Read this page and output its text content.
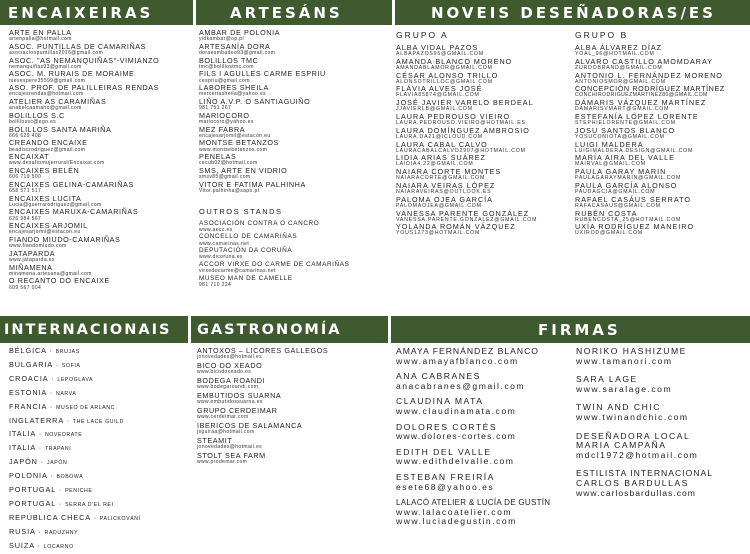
ENCAIXEIRAS	ARTESÁNS	NOVEIS DESEÑADORAS/ES
INTERNACIONAIS GASTRONOMÍA	FIRMAS
ARTE EN PALLA
artenpalla@hotmail.com
ASOC. PUNTILLAS DE CAMARIÑAS
asociacionpuntillas2016@gmail.com
ASOC. "AS NEMANQUIÑAS"-VIMIANZO
nemanquiñas93@gmail.com
ASOC. M. RURAIS DE MORAIME
nievespere35599@gmail.com
ASO. PROF. DE PALILLEIRAS RENDAS
encajesrendas@hotmail.com
ATELIER AS CARAMIÑAS
anabelcaamano@gmail.com
BOLILLOS S.C
bolillossc@ego.es
BOLILLOS SANTA MARIÑA
666 629 408
CREANDO ENCAIXE
beadiscrodriguez@gmail.com
ENCAIXAT
www.desafiomujerrural/Encaixat.com
ENCAIXES BELÉN
606 719 500
ENCAIXES GELINA-CAMARIÑAS
658 571 517
ENCAIXES LUCITA
Lucia@guerrarodriguez@gmail.com
ENCAIXES MARUXA-CAMARIÑAS
626 984 567
ENCAIXES ARJOMIL
encajesarjomil@estacon.eu
FIANDO MIUDO-CAMARIÑAS
www.fiandomiudo.com
JATAPARDA
www.jataparda.es
MIÑAMENA
minamena.artesana@gmail.com
O RECANTO DO ENCAIXE
609 567 004
AMBAR DE POLONIA
yidkambar@op.pl
ARTESANÍA DORA
doraesmbadeo93@gmail.com
BOLILLOS TMC
tmc@bolillostmc.com
FILS I AGULLES CARME ESPRIU
cespriu@gmail.com
LABORES SHEILA
merceriasheila@yahoo.es
LIÑO A.V.P. O SANTIAGUIÑO
981 751 267
MARIOCORO
mariocoro@yahoo.es
MEZ FABRA
encajesarjomil@estacon.eu
MONTSE BETANZOS
www.montsebetanzos.com
PENELAS
cecub02@hotmail.com
SMS, ARTE EN VIDRIO
smsv85@gmail.com
VITOR E FATIMA PALHINHA
Vitor.palhinha@sapo.pt
OUTROS STANDS
ASOCIACIÓN CONTRA O CANCRO
www.aecc.es
CONCELLO DE CAMARIÑAS
www.camarinas.net
DEPUTACIÓN DA CORUÑA
www.dicoruna.es
ACCOR VIRXE DO CARME DE CAMARIÑAS
virxedocarme@camarinas.net
MUSEO MAN DE CAMELLE
981 710 224
GRUPO A
ALBA VIDAL PAZOS
ALBAPAZOS95@GMAIL.COM
AMANDA BLANCO MORENO
AMANDABLAMOR@GMAIL.COM
CÉSAR ALONSO TRILLO
ALONSOTRILLOC@GMAIL.COM
FLÁVIA ALVES JOSÉ
FLAVIA85874@GMAIL.COM
JOSÉ JAVIER VARELO BERDEAL
JJAVIERLB@GMAIL.COM
LAURA PEDROUSO VIEIRO
LAURA.PEDROUSO.VIEIRO@HOTMAIL.ES
LAURA DOMÍNGUEZ AMBROSIO
LAURA.DA21@ICLOUD.COM
LAURA CABAL CALVO
LAURACABALCALVO2907@HOTMAIL.COM
LIDIA ARIAS SUÁREZ
LAIDIA4.22@GMAIL.COM
NAIARA CORTE MONTES
NAIARACORTE@GMAIL.COM
NAIARA VEIRAS LÓPEZ
NAIARAVEIRAS@OUTLOOK.ES
PALOMA OJEA GARCÍA
PALOMAOJEA@GMAIL.COM
VANESSA PARENTE GONZÁLEZ
VANESSA.PARENTE.GONZALEZ@GMAIL.COM
YOLANDA ROMÁN VÁZQUEZ
YOUS1273@HOTMAIL.COM
GRUPO B
ALBA ÁLVAREZ DÍAZ
YOAL_96@HOTMAIL.COM
ALVARO CASTILLO AMOMDARAY
ZURDOBRAND@GMAIL.COM
ANTONIO L. FERNÁNDEZ MORENO
ANTONIOSMOR@GMAIL.COM
CONCEPCIÓN RODRÍGUEZ MARTÍNEZ
CONCHIRODRIGUEZMARTINEZ80@GMAIL.COM
DÁMARIS VÁZQUEZ MARTÍNEZ
DAMARISVMART@GMAIL.COM
ESTEFANÍA LÓPEZ LORENTE
STEPHIELORENTE@GMAIL.COM
JOSU SANTOS BLANCO
YOSUCONIOTA@GMAIL.COM
LUIGI MALDERA
LUIGIMALDERA.DESIGN@GMAIL.COM
MARÍA AIRA DEL VALLE
MAIRVAL@GMAIL.COM
PAULA GARAY MARIN
PAULAGARAYMARIN@GMAIL.COM
PAULA GARCÍA ALONSO
PAUDAGCIA@GMAIL.COM
RAFAEL CASÁUS SERRATO
RAFACASAUS@GMAIL.COM
RUBÉN COSTA
RUBENCOSTA_25@HOTMAIL.COM
UXÍA RODRÍGUEZ MANEIRO
UXIROD@GMAIL.COM
BÉLGICA · BRUJAS
BULGARIA · SOFIA
CROACIA · LEPOGLAVA
ESTONIA · NARVA
FRANCIA · MUSEO DE ARLANC
INGLATERRA · THE LACE GUILD
ITALIA · NOVEDRATE
ITALIA · TRAPANI
JAPÓN · JAPÓN
POLONIA · BOBOWA
PORTUGAL · PENICHE
PORTUGAL · SERRA D'EL REI
REPÚBLICA CHECA · PALICKOVÁNÍ
RUSIA · RADUZHNY
SUIZA · LOCARNO
ANTOXOS – LICORES GALLEGOS
jonovedades@hotmail.es
BICO DO XEADO
www.bicodoxeado.es
BODEGA ROANDI
www.bodegaroandi.com
EMBUTIDOS SUARNA
www.embutidossuarna.es
GRUPO CERDEIMAR
www.cerdeimar.com
IBERICOS DE SALAMANCA
jsguiraa@hotmail.com
STEAMIT
jonovedades@hotmail.es
STOLT SEA FARM
www.prodemar.com
AMAYA FERNÁNDEZ BLANCO
www.amayafblanco.com
ANA CABRANES
anacabranes@gmail.com
CLAUDINA MATA
www.claudinamata.com
DOLORES CORTÉS
www.dolores-cortes.com
EDITH DEL VALLE
www.edithdelvalle.com
ESTEBAN FREIRÍA
esete68@yahoo.es
LALACÓ ATELIER & LUCÍA DE GUSTÍN
www.lalacoatelier.com
www.luciadegustin.com
NORIKO HASHIZUME
www.tamanori.com
SARA LAGE
www.saralage.com
TWIN AND CHIC
www.twinandchic.com
DESEÑADORA LOCAL
MARIA CAMPAÑA
mdcl1972@hotmail.com
ESTILISTA INTERNACIONAL
CARLOS BARDULLAS
www.carlosbardullas.com
